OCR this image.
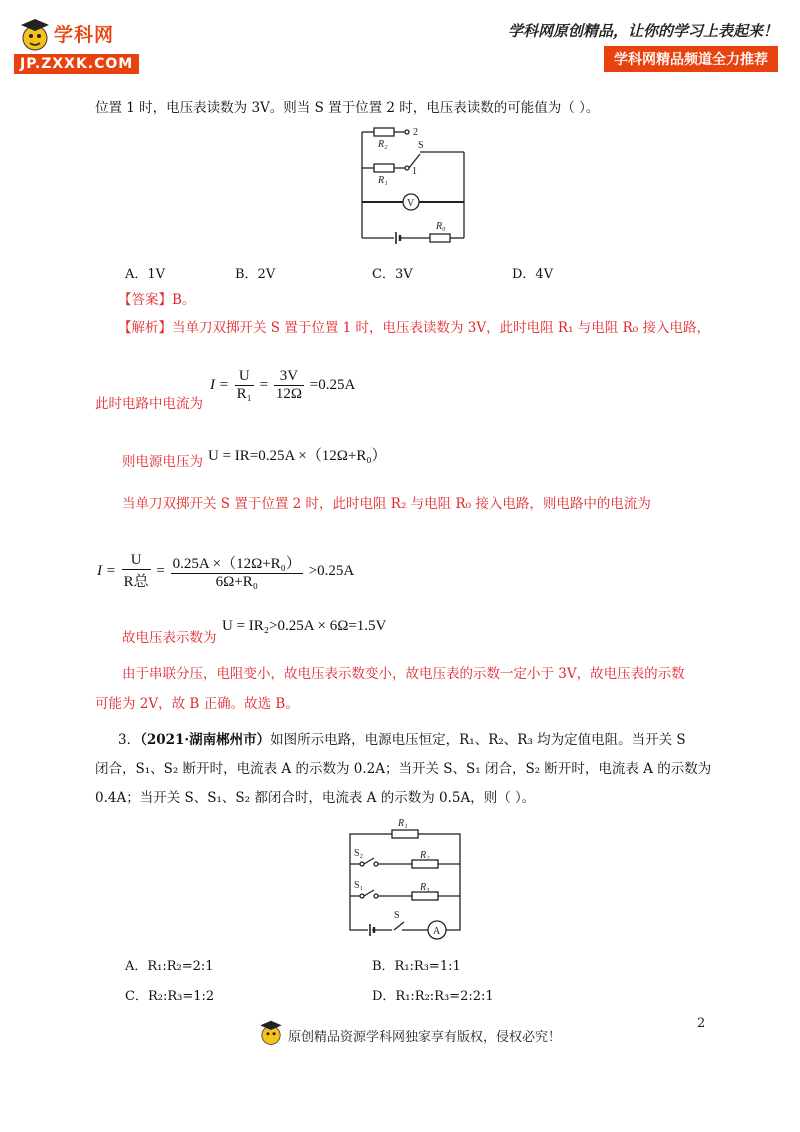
学科网
JP.ZXXK.COM
学科网原创精品，让你的学习上表起来！
学科网精品频道全力推荐
位置 1 时，电压表读数为 3V。则当 S 置于位置 2 时，电压表读数的可能值为（ ）。
R₂
R₁
R₀
2
1
S
V
A．1V	B．2V	C．3V	D．4V
【答案】B。
【解析】当单刀双掷开关 S 置于位置 1 时，电压表读数为 3V，此时电阻 R₁ 与电阻 R₀ 接入电路，
此时电路中电流为
$I = \frac{U}{\text{R₁}} = \frac{3V}{12\Omega} =0.25A$
则电源电压为 U = IR=0.25A ×（12Ω+R₀）
当单刀双掷开关 S 置于位置 2 时，此时电阻 R₂ 与电阻 R₀ 接入电路，则电路中的电流为
$I = \frac{U}{\text{R总}} = \frac{\text{0.25A ×（12Ω+R₀）}}{\text{6Ω+R₀}} >0.25A$
故电压表示数为
U = IR₂>0.25A × 6Ω=1.5V
由于串联分压，电阻变小，故电压表示数变小，故电压表的示数一定小于 3V，故电压表的示数
可能为 2V，故 B 正确。故选 B。
3．（2021·湖南郴州市）如图所示电路，电源电压恒定，R₁、R₂、R₃ 均为定值电阻。当开关 S
闭合，S₁、S₂ 断开时，电流表 A 的示数为 0.2A；当开关 S、S₁ 闭合，S₂ 断开时，电流表 A 的示数为
0.4A；当开关 S、S₁、S₂ 都闭合时，电流表 A 的示数为 0.5A，则（ ）。
R₁
R₂
R₃
S₂
S₁
S
A
A．R₁:R₂=2:1	B．R₁:R₃=1:1
C．R₂:R₃=1:2	D．R₁:R₂:R₃=2:2:1
2
原创精品资源学科网独家享有版权，侵权必究！
